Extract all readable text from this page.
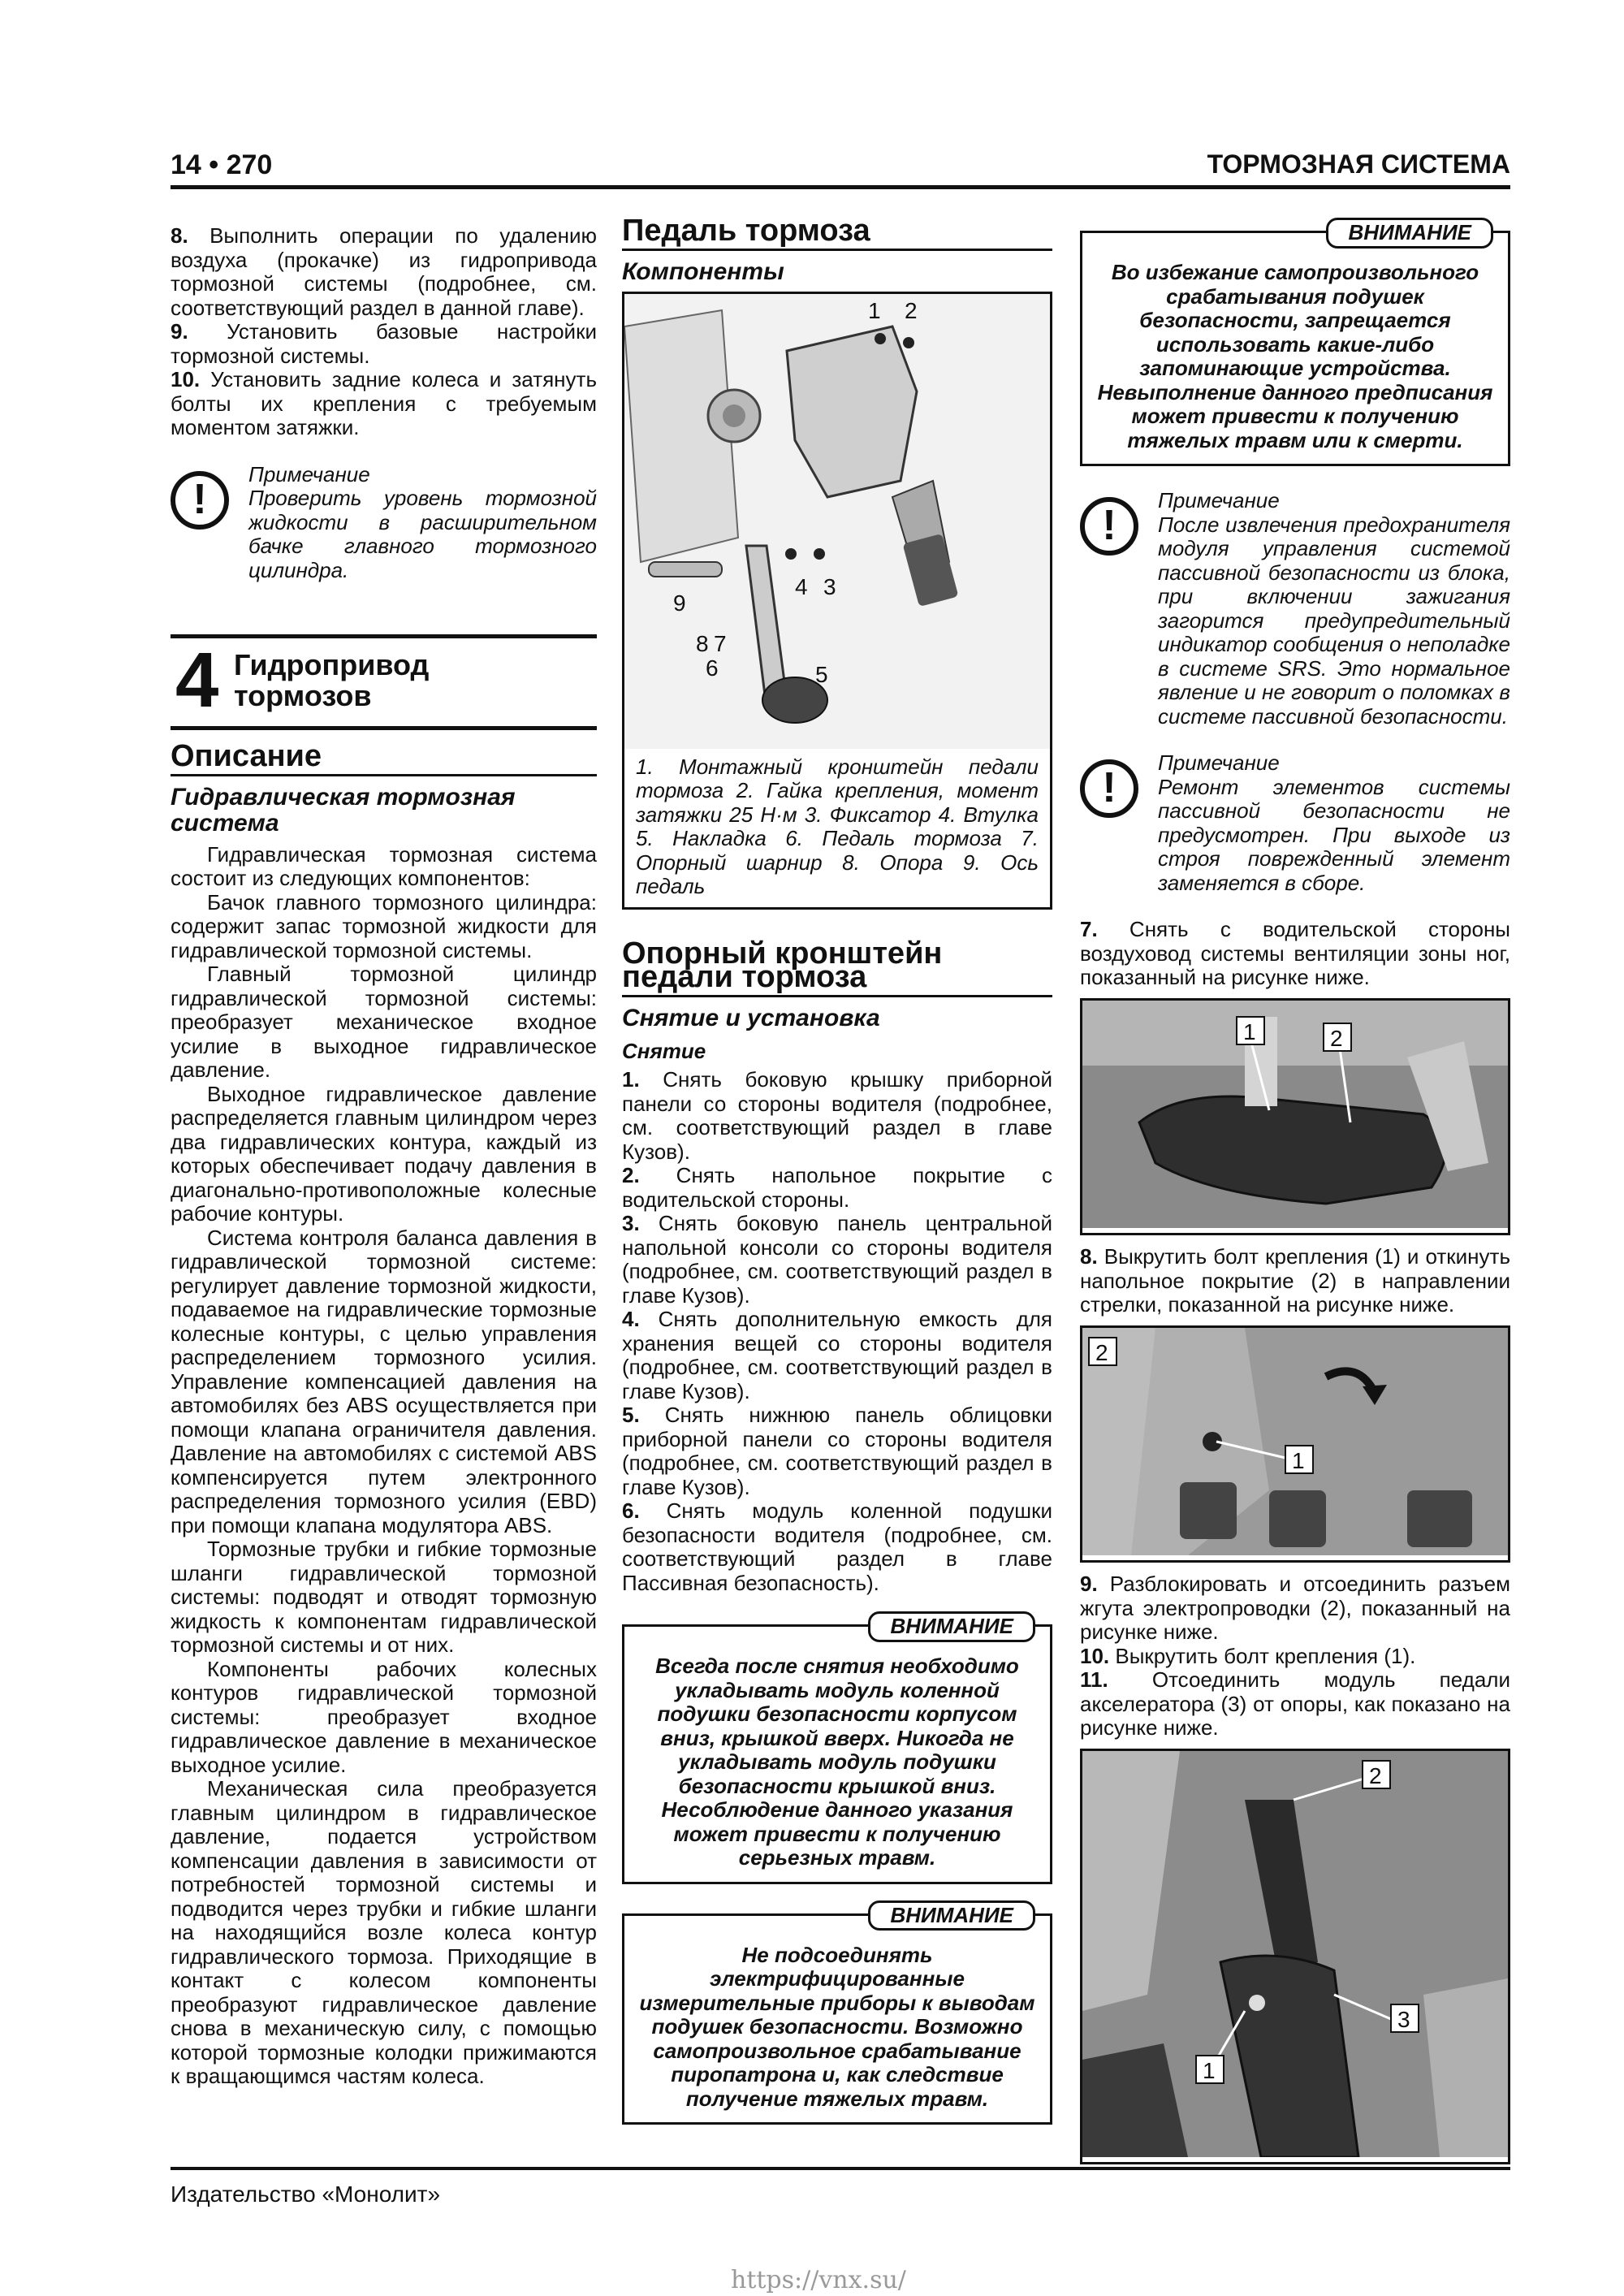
14 • 270	ТОРМОЗНАЯ СИСТЕМА

8. Выполнить операции по удалению воздуха (прокачке) из гидропривода тормозной системы (подробнее, см. соответствующий раздел в данной главе).

9. Установить базовые настройки тормозной системы.

10. Установить задние колеса и затянуть болты их крепления с требуемым моментом затяжки.

!
Примечание

Проверить уровень тормозной жидкости в расширительном бачке главного тормозного цилиндра.

4 Гидропривод
тормозов
Описание
Гидравлическая тормозная система

Гидравлическая тормозная система состоит из следующих компонентов:

Бачок главного тормозного цилиндра: содержит запас тормозной жидкости для гидравлической тормозной системы.

Главный тормозной цилиндр гидравлической тормозной системы: преобразует механическое входное усилие в выходное гидравлическое давление.

Выходное гидравлическое давление распределяется главным цилиндром через два гидравлических контура, каждый из которых обеспечивает подачу давления в диагонально-противоположные колесные рабочие контуры.

Система контроля баланса давления в гидравлической тормозной системе: регулирует давление тормозной жидкости, подаваемое на гидравлические тормозные колесные контуры, с целью управления распределением тормозного усилия. Управление компенсацией давления на автомобилях без ABS осуществляется при помощи клапана ограничителя давления. Давление на автомобилях с системой ABS компенсируется путем электронного распределения тормозного усилия (EBD) при помощи клапана модулятора ABS.

Тормозные трубки и гибкие тормозные шланги гидравлической тормозной системы: подводят и отводят тормозную жидкость к компонентам гидравлической тормозной системы и от них.

Компоненты рабочих колесных контуров гидравлической тормозной системы: преобразует входное гидравлическое давление в механическое выходное усилие.

Механическая сила преобразуется главным цилиндром в гидравлическое давление, подается устройством компенсации давления в зависимости от потребностей тормозной системы и подводится через трубки и гибкие шланги на находящийся возле колеса контур гидравлического тормоза. Приходящие в контакт с колесом компоненты преобразуют гидравлическое давление снова в механическую силу, с помощью которой тормозные колодки прижимаются к вращающимся частям колеса.

Педаль тормоза
Компоненты
1 2
3
4
5
6
7
8
9
1. Монтажный кронштейн педали тормоза 2. Гайка крепления, момент затяжки 25 Н·м 3. Фиксатор 4. Втулка 5. Накладка 6. Педаль тормоза 7. Опорный шарнир 8. Опора 9. Ось педаль
Опорный кронштейн педали тормоза
Снятие и установка
Снятие

1. Снять боковую крышку приборной панели со стороны водителя (подробнее, см. соответствующий раздел в главе Кузов).

2. Снять напольное покрытие с водительской стороны.

3. Снять боковую панель центральной напольной консоли со стороны водителя (подробнее, см. соответствующий раздел в главе Кузов).

4. Снять дополнительную емкость для хранения вещей со стороны водителя (подробнее, см. соответствующий раздел в главе Кузов).

5. Снять нижнюю панель облицовки приборной панели со стороны водителя (подробнее, см. соответствующий раздел в главе Кузов).

6. Снять модуль коленной подушки безопасности водителя (подробнее, см. соответствующий раздел в главе Пассивная безопасность).

ВНИМАНИЕ
Всегда после снятия необходимо укладывать модуль коленной подушки безопасности корпусом вниз, крышкой вверх. Никогда не укладывать модуль подушки безопасности крышкой вниз. Несоблюдение данного указания может привести к получению серьезных травм.
ВНИМАНИЕ
Не подсоединять электрифицированные измерительные приборы к выводам подушек безопасности. Возможно самопроизвольное срабатывание пиропатрона и, как следствие получение тяжелых травм.
ВНИМАНИЕ
Во избежание самопроизвольного срабатывания подушек безопасности, запрещается использовать какие-либо запоминающие устройства. Невыполнение данного предписания может привести к получению тяжелых травм или к смерти.
!
Примечание

После извлечения предохранителя модуля управления системой пассивной безопасности из блока, при включении зажигания загорится предупредительный индикатор сообщения о неполадке в системе SRS. Это нормальное явление и не говорит о поломках в системе пассивной безопасности.

!
Примечание

Ремонт элементов системы пассивной безопасности не предусмотрен. При выходе из строя поврежденный элемент заменяется в сборе.

7. Снять с водительской стороны воздуховод системы вентиляции зоны ног, показанный на рисунке ниже.

1	2

8. Выкрутить болт крепления (1) и откинуть напольное покрытие (2) в направлении стрелки, показанной на рисунке ниже.

2
1

9. Разблокировать и отсоединить разъем жгута электропроводки (2), показанный на рисунке ниже.

10. Выкрутить болт крепления (1).

11. Отсоединить модуль педали акселератора (3) от опоры, как показано на рисунке ниже.

2
1
3
Издательство «Монолит»
https://vnx.su/
